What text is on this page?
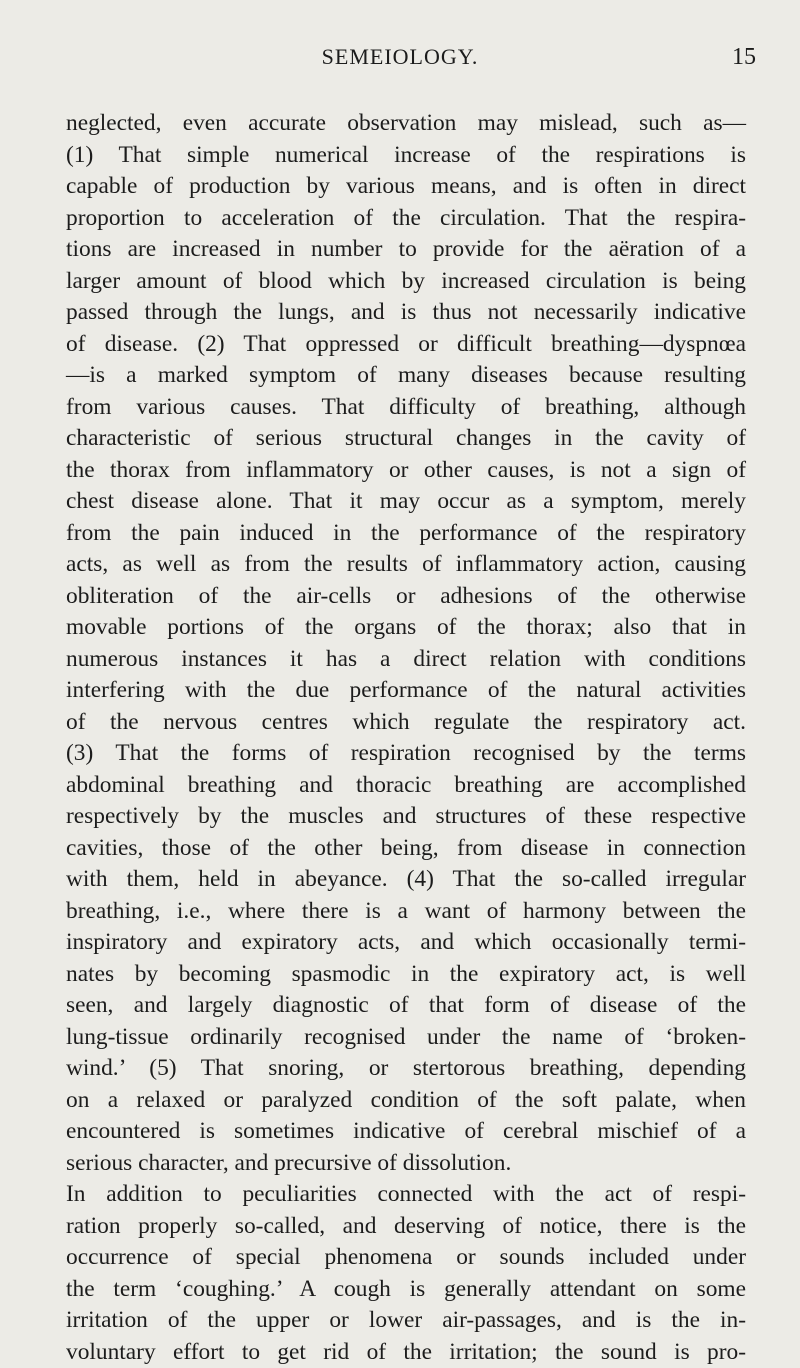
SEMEIOLOGY.	15
neglected, even accurate observation may mislead, such as—
(1) That simple numerical increase of the respirations is
capable of production by various means, and is often in direct
proportion to acceleration of the circulation. That the respira-
tions are increased in number to provide for the aëration of a
larger amount of blood which by increased circulation is being
passed through the lungs, and is thus not necessarily indicative
of disease. (2) That oppressed or difficult breathing—dyspnœa
—is a marked symptom of many diseases because resulting
from various causes. That difficulty of breathing, although
characteristic of serious structural changes in the cavity of
the thorax from inflammatory or other causes, is not a sign of
chest disease alone. That it may occur as a symptom, merely
from the pain induced in the performance of the respiratory
acts, as well as from the results of inflammatory action, causing
obliteration of the air-cells or adhesions of the otherwise
movable portions of the organs of the thorax; also that in
numerous instances it has a direct relation with conditions
interfering with the due performance of the natural activities
of the nervous centres which regulate the respiratory act.
(3) That the forms of respiration recognised by the terms
abdominal breathing and thoracic breathing are accomplished
respectively by the muscles and structures of these respective
cavities, those of the other being, from disease in connection
with them, held in abeyance. (4) That the so-called irregular
breathing, i.e., where there is a want of harmony between the
inspiratory and expiratory acts, and which occasionally termi-
nates by becoming spasmodic in the expiratory act, is well
seen, and largely diagnostic of that form of disease of the
lung-tissue ordinarily recognised under the name of ‘broken-
wind.’ (5) That snoring, or stertorous breathing, depending
on a relaxed or paralyzed condition of the soft palate, when
encountered is sometimes indicative of cerebral mischief of a
serious character, and precursive of dissolution.
In addition to peculiarities connected with the act of respi-
ration properly so-called, and deserving of notice, there is the
occurrence of special phenomena or sounds included under
the term ‘coughing.’ A cough is generally attendant on some
irritation of the upper or lower air-passages, and is the in-
voluntary effort to get rid of the irritation; the sound is pro-
